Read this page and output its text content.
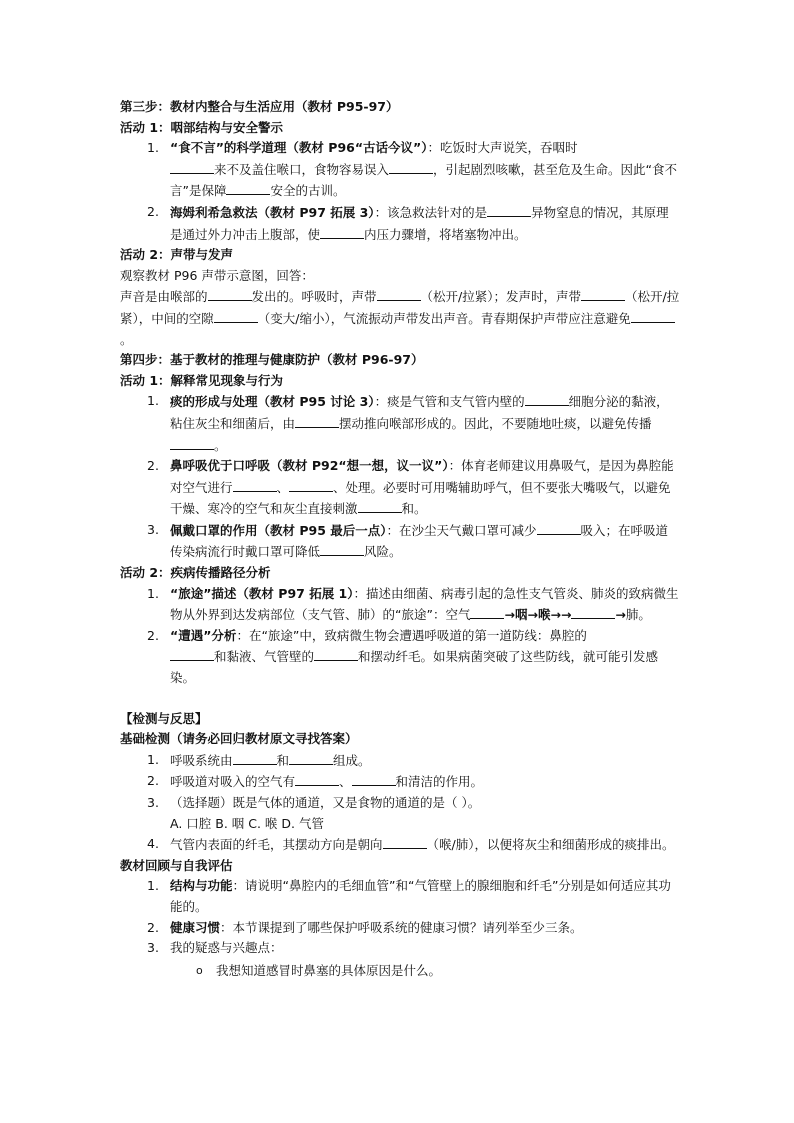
第三步：教材内整合与生活应用（教材 P95-97）

活动 1：咽部结构与安全警示

1. “食不言”的科学道理（教材 P96“古话今议”）：吃饭时大声说笑，吞咽时
来不及盖住喉口，食物容易误入	，引起剧烈咳嗽，甚至危及生命。因此“食不言”是保障	安全的古训。
2. 海姆利希急救法（教材 P97 拓展 3）：该急救法针对的是	异物窒息的情况，其原理是通过外力冲击上腹部，使	内压力骤增，将堵塞物冲出。

活动 2：声带与发声

观察教材 P96 声带示意图，回答：

声音是由喉部的	发出的。呼吸时，声带	（松开/拉紧）；发声时，声带	（松开/拉紧），中间的空隙	（变大/缩小），气流振动声带发出声音。青春期保护声带应注意避免。

第四步：基于教材的推理与健康防护（教材 P96-97）

活动 1：解释常见现象与行为

1. 痰的形成与处理（教材 P95 讨论 3）：痰是气管和支气管内壁的	细胞分泌的黏液，粘住灰尘和细菌后，由	摆动推向喉部形成的。因此，不要随地吐痰，以避免传播。
2. 鼻呼吸优于口呼吸（教材 P92“想一想，议一议”）：体育老师建议用鼻吸气，是因为鼻腔能对空气进行	、	、处理。必要时可用嘴辅助呼气，但不要张大嘴吸气，以避免干燥、寒冷的空气和灰尘直接刺激	和。
3. 佩戴口罩的作用（教材 P95 最后一点）：在沙尘天气戴口罩可减少	吸入；在呼吸道传染病流行时戴口罩可降低	风险。

活动 2：疾病传播路径分析

1. “旅途”描述（教材 P97 拓展 1）：描述由细菌、病毒引起的急性支气管炎、肺炎的致病微生物从外界到达发病部位（支气管、肺）的“旅途”：空气	→咽→喉→→	→肺。
2. “遭遇”分析：在“旅途”中，致病微生物会遭遇呼吸道的第一道防线：鼻腔的
和黏液、气管壁的	和摆动纤毛。如果病菌突破了这些防线，就可能引发感染。

【检测与反思】

基础检测（请务必回归教材原文寻找答案）

1. 呼吸系统由	和	组成。
2. 呼吸道对吸入的空气有	、	和清洁的作用。
3. （选择题）既是气体的通道，又是食物的通道的是（ ）。
A. 口腔 B. 咽 C. 喉 D. 气管
4. 气管内表面的纤毛，其摆动方向是朝向	（喉/肺），以便将灰尘和细菌形成的痰排出。

教材回顾与自我评估

1. 结构与功能：请说明“鼻腔内的毛细血管”和“气管壁上的腺细胞和纤毛”分别是如何适应其功能的。
2. 健康习惯：本节课提到了哪些保护呼吸系统的健康习惯？请列举至少三条。
3. 我的疑惑与兴趣点：
o 我想知道感冒时鼻塞的具体原因是什么。
